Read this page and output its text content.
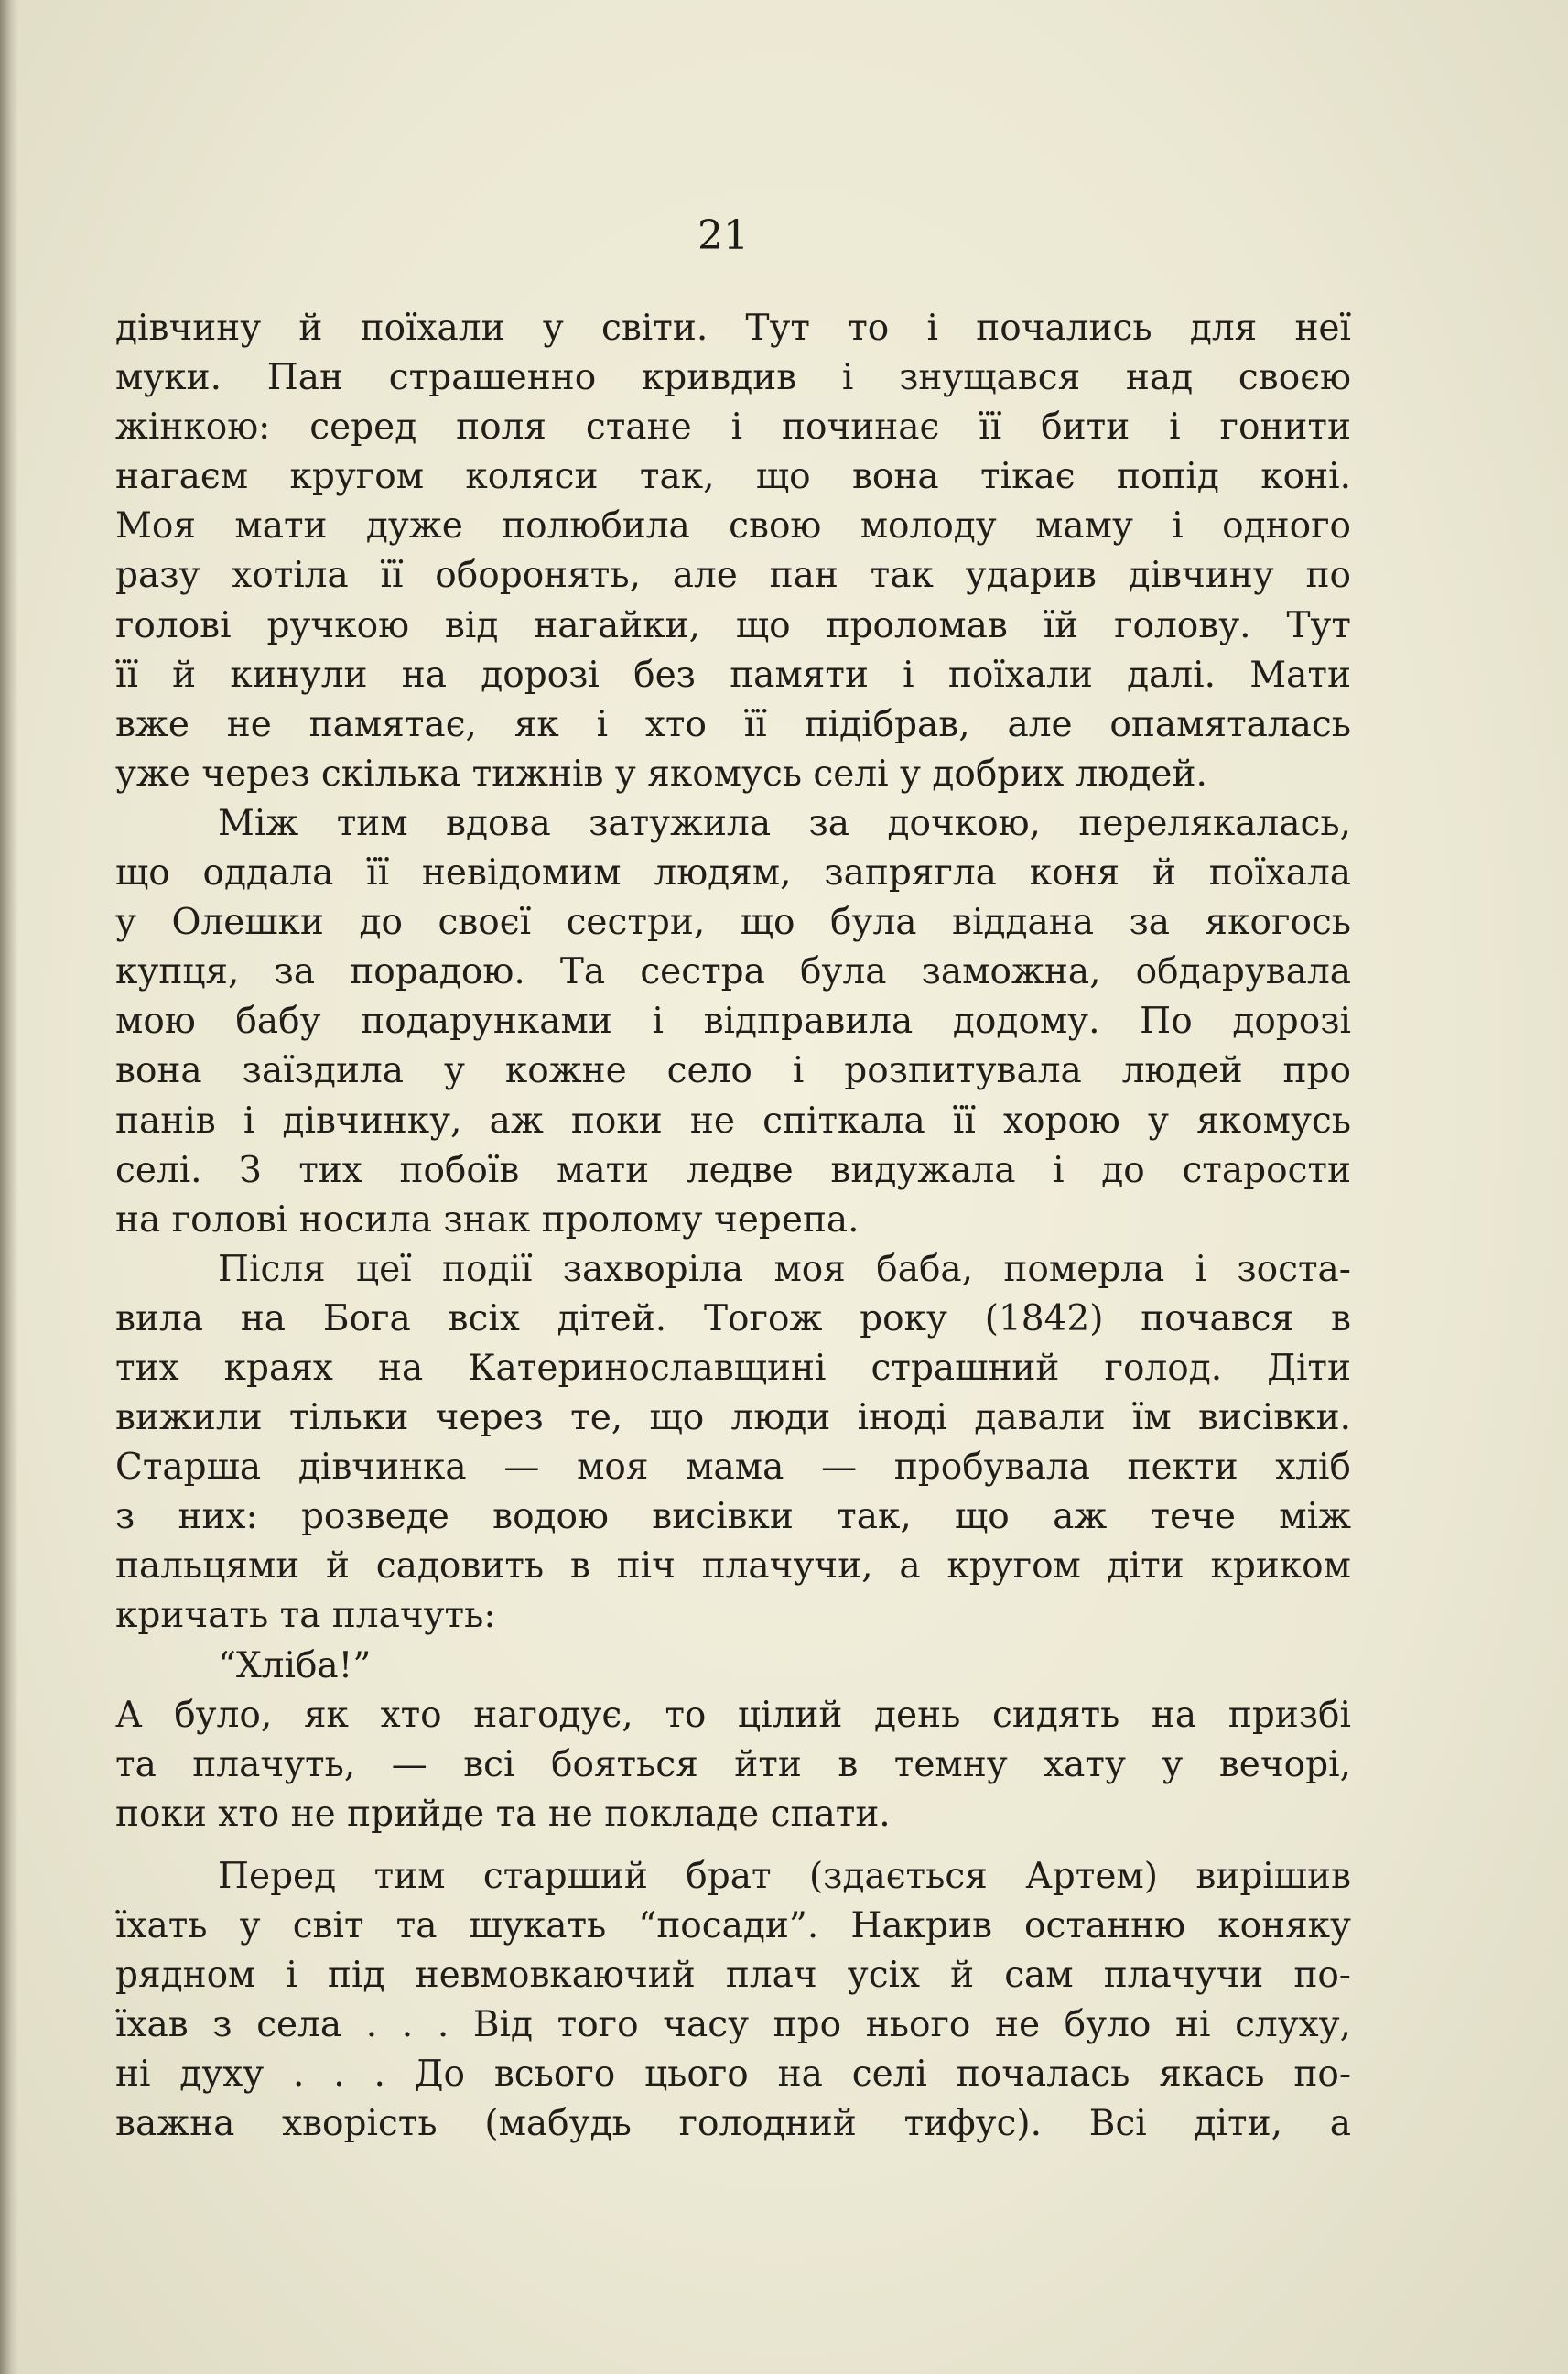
21

дівчину й поїхали у світи. Тут то і почались для неї
муки. Пан страшенно кривдив і знущався над своєю
жінкою: серед поля стане і починає її бити і гонити
нагаєм кругом коляси так, що вона тікає попід коні.
Моя мати дуже полюбила свою молоду маму і одного
разу хотіла її оборонять, але пан так ударив дівчину по
голові ручкою від нагайки, що проломав їй голову. Тут
її й кинули на дорозі без памяти і поїхали далі. Мати
вже не памятає, як і хто її підібрав, але опамяталась
уже через скілька тижнів у якомусь селі у добрих людей.
Між тим вдова затужила за дочкою, перелякалась,
що оддала її невідомим людям, запрягла коня й поїхала
у Олешки до своєї сестри, що була віддана за якогось
купця, за порадою. Та сестра була заможна, обдарувала
мою бабу подарунками і відправила додому. По дорозі
вона заїздила у кожне село і розпитувала людей про
панів і дівчинку, аж поки не спіткала її хорою у якомусь
селі. З тих побоїв мати ледве видужала і до старости
на голові носила знак пролому черепа.
Після цеї події захворіла моя баба, померла і зоста-
вила на Бога всіх дітей. Тогож року (1842) почався в
тих краях на Катеринославщині страшний голод. Діти
вижили тільки через те, що люди іноді давали їм висівки.
Старша дівчинка — моя мама — пробувала пекти хліб
з них: розведе водою висівки так, що аж тече між
пальцями й садовить в піч плачучи, а кругом діти криком
кричать та плачуть:
“Хліба!”
А було, як хто нагодує, то цілий день сидять на призбі
та плачуть, — всі бояться йти в темну хату у вечорі,
поки хто не прийде та не покладе спати.
Перед тим старший брат (здається Артем) вирішив
їхать у світ та шукать “посади”. Накрив останню коняку
рядном і під невмовкаючий плач усіх й сам плачучи по-
їхав з села . . . Від того часу про нього не було ні слуху,
ні духу . . . До всього цього на селі почалась якась по-
важна хворість (мабудь голодний тифус). Всі діти, а
